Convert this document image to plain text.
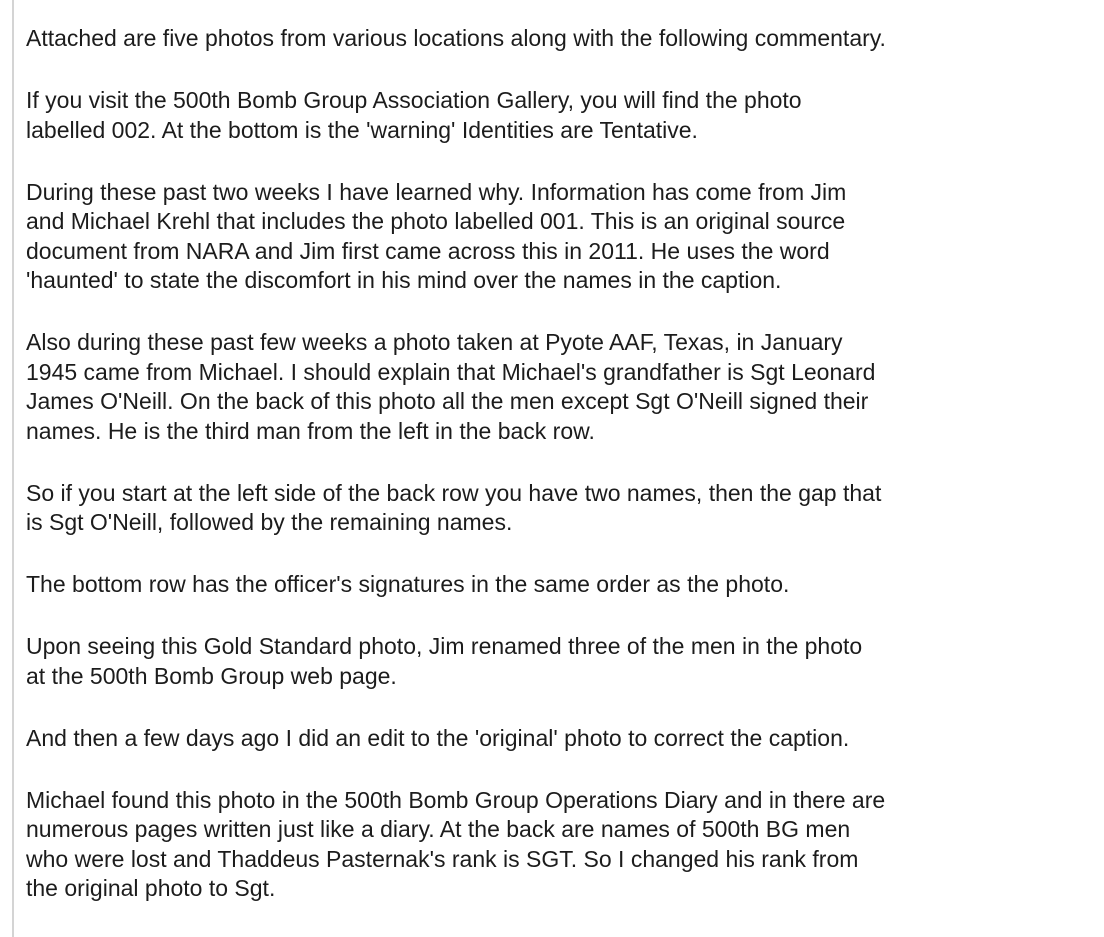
Attached are five photos from various locations along with the following commentary.

If you visit the 500th Bomb Group Association Gallery, you will find the photo
labelled 002. At the bottom is the 'warning' Identities are Tentative.

During these past two weeks I have learned why. Information has come from Jim
and Michael Krehl that includes the photo labelled 001. This is an original source
document from NARA and Jim first came across this in 2011. He uses the word
'haunted' to state the discomfort in his mind over the names in the caption.

Also during these past few weeks a photo taken at Pyote AAF, Texas, in January
1945 came from Michael. I should explain that Michael's grandfather is Sgt Leonard
James O'Neill. On the back of this photo all the men except Sgt O'Neill signed their
names. He is the third man from the left in the back row.

So if you start at the left side of the back row you have two names, then the gap that
is Sgt O'Neill, followed by the remaining names.

The bottom row has the officer's signatures in the same order as the photo.

Upon seeing this Gold Standard photo, Jim renamed three of the men in the photo
at the 500th Bomb Group web page.

And then a few days ago I did an edit to the 'original' photo to correct the caption.

Michael found this photo in the 500th Bomb Group Operations Diary and in there are
numerous pages written just like a diary. At the back are names of 500th BG men
who were lost and Thaddeus Pasternak's rank is SGT. So I changed his rank from
the original photo to Sgt.
